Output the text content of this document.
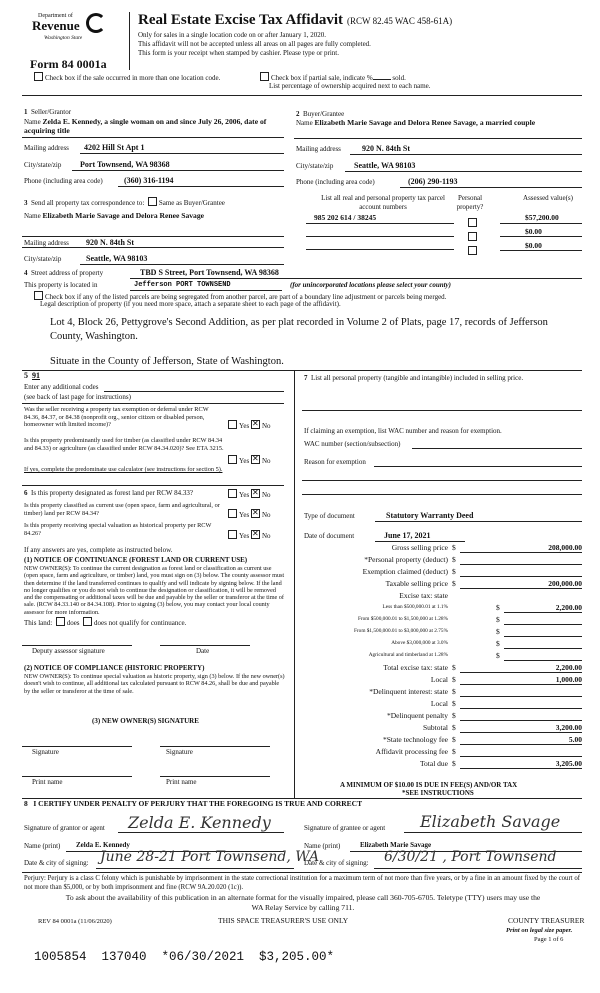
Department of
Revenue
Washington State
Form 84 0001a
Real Estate Excise Tax Affidavit (RCW 82.45 WAC 458-61A)
Only for sales in a single location code on or after January 1, 2020.
This affidavit will not be accepted unless all areas on all pages are fully completed.
This form is your receipt when stamped by cashier. Please type or print.
Check box if the sale occurred in more than one location code.	Check box if partial sale, indicate %	sold.
List percentage of ownership acquired next to each name.
1 Seller/Grantor
Name Zelda E. Kennedy, a single woman on and since July 26, 2006, date of acquiring title
Mailing address 4202 Hill St Apt 1
City/state/zip Port Townsend, WA 98368
Phone (including area code)	(360) 316-1194
2 Buyer/Grantee
Name Elizabeth Marie Savage and Delora Renee Savage, a married couple
Mailing address	920 N. 84th St
City/state/zip	Seattle, WA 98103
Phone (including area code)	(206) 290-1193
3 Send all property tax correspondence to: Same as Buyer/Grantee
Name Elizabeth Marie Savage and Delora Renee Savage
Mailing address 920 N. 84th St
City/state/zip	Seattle, WA 98103
List all real and personal property tax parcel account numbers
Personal property?
Assessed value(s)
985 202 614 / 38245	$57,200.00
$0.00
$0.00
4 Street address of property	TBD S Street, Port Townsend, WA 98368
This property is located in	Jefferson PORT TOWNSEND	(for unincorporated locations please select your county)
Check box if any of the listed parcels are being segregated from another parcel, are part of a boundary line adjustment or parcels being merged.
Legal description of property (if you need more space, attach a separate sheet to each page of the affidavit).
Lot 4, Block 26, Pettygrove's Second Addition, as per plat recorded in Volume 2 of Plats, page 17, records of Jefferson County, Washington.
Situate in the County of Jefferson, State of Washington.
5 91
Enter any additional codes
(see back of last page for instructions)
Was the seller receiving a property tax exemption or deferral under RCW 84.36, 84.37, or 84.38 (nonprofit org., senior citizen or disabled person, homeowner with limited income)?	Yes ✕ No
Is this property predominantly used for timber (as classified under RCW 84.34 and 84.33) or agriculture (as classified under RCW 84.34.020)? See ETA 3215.
Yes ✕ No
If yes, complete the predominate use calculator (see instructions for section 5).
6 Is this property designated as forest land per RCW 84.33?	Yes ✕ No
Is this property classified as current use (open space, farm and agricultural, or timber) land per RCW 84.34?	Yes ✕ No
Is this property receiving special valuation as historical property per RCW 84.26?	Yes ✕ No
If any answers are yes, complete as instructed below.
(1) NOTICE OF CONTINUANCE (FOREST LAND OR CURRENT USE)
NEW OWNER(S): To continue the current designation as forest land or classification as current use (open space, farm and agriculture, or timber) land, you must sign on (3) below. The county assessor must then determine if the land transferred continues to qualify and will indicate by signing below. If the land no longer qualifies or you do not wish to continue the designation or classification, it will be removed and the compensating or additional taxes will be due and payable by the seller or transferor at the time of sale. (RCW 84.33.140 or 84.34.108). Prior to signing (3) below, you may contact your local county assessor for more information.
This land: does does not qualify for continuance.
Deputy assessor signature	Date
(2) NOTICE OF COMPLIANCE (HISTORIC PROPERTY)
NEW OWNER(S): To continue special valuation as historic property, sign (3) below. If the new owner(s) doesn't wish to continue, all additional tax calculated pursuant to RCW 84.26, shall be due and payable by the seller or transferor at the time of sale.
(3) NEW OWNER(S) SIGNATURE
Signature	Signature
Print name	Print name
7 List all personal property (tangible and intangible) included in selling price.
If claiming an exemption, list WAC number and reason for exemption.
WAC number (section/subsection)
Reason for exemption
Type of document	Statutory Warranty Deed
Date of document	June 17, 2021
Gross selling price $	208,000.00
*Personal property (deduct) $
Exemption claimed (deduct) $
Taxable selling price $	200,000.00
Excise tax: state
Less than $500,000.01 at 1.1%	$	2,200.00
From $500,000.01 to $1,500,000 at 1.28%	$
From $1,500,000.01 to $3,000,000 at 2.75%	$
Above $3,000,000 at 3.0%	$
Agricultural and timberland at 1.28%	$
Total excise tax: state $	2,200.00
Local $	1,000.00
*Delinquent interest: state $
Local $
*Delinquent penalty $
Subtotal $	3,200.00
*State technology fee $	5.00
Affidavit processing fee $
Total due $	3,205.00
A MINIMUM OF $10.00 IS DUE IN FEE(S) AND/OR TAX
*SEE INSTRUCTIONS
8 I CERTIFY UNDER PENALTY OF PERJURY THAT THE FOREGOING IS TRUE AND CORRECT
Signature of grantor or agent Zelda E. Kennedy	Signature of grantee or agent Elizabeth Savage
Name (print) Zelda E. Kennedy	Name (print)	Elizabeth Marie Savage
Date & city of signing: June 28-21 Port Townsend, WA
Date & city of signing: 6/30/21 , Port Townsend
Perjury: Perjury is a class C felony which is punishable by imprisonment in the state correctional institution for a maximum term of not more than five years, or by a fine in an amount fixed by the court of not more than $5,000, or by both imprisonment and fine (RCW 9A.20.020 (1c)).
To ask about the availability of this publication in an alternate format for the visually impaired, please call 360-705-6705. Teletype (TTY) users may use the WA Relay Service by calling 711.
REV 84 0001a (11/06/2020)	THIS SPACE TREASURER'S USE ONLY	COUNTY TREASURER
Print on legal size paper.
Page 1 of 6
1005854  137040  *06/30/2021  $3,205.00*
